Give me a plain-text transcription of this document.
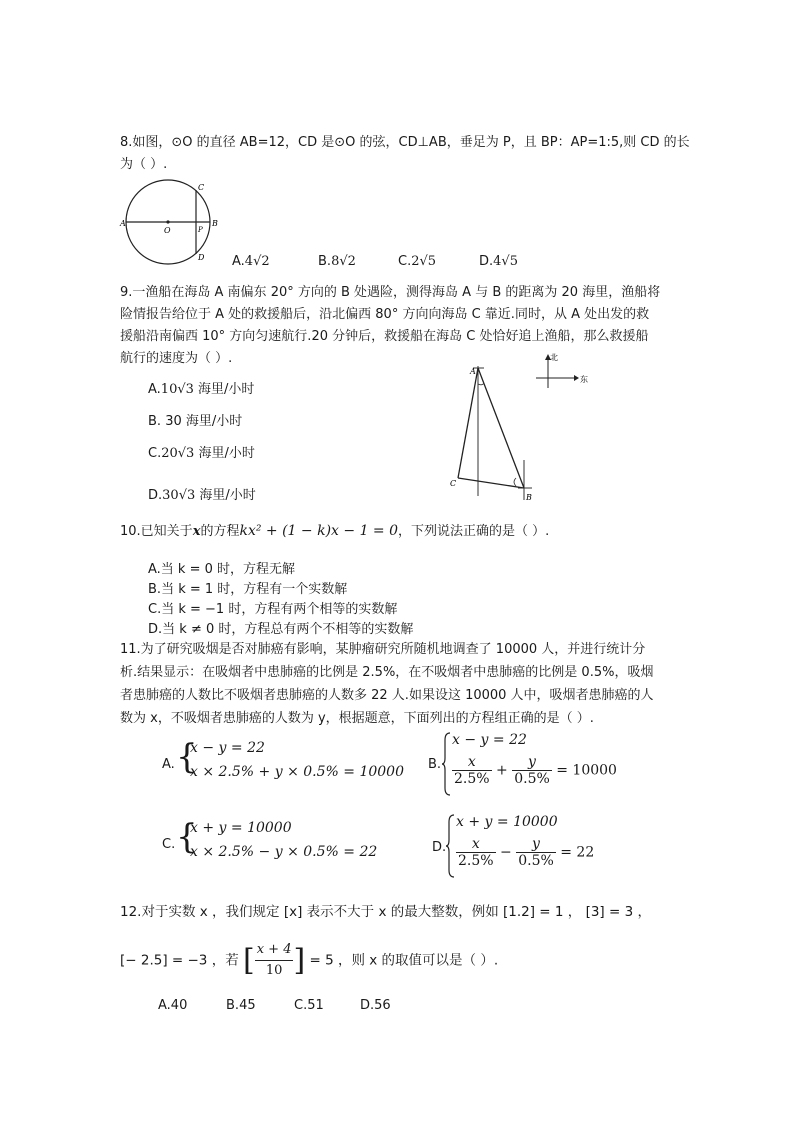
8.如图，⊙O 的直径 AB=12，CD 是⊙O 的弦，CD⊥AB，垂足为 P，且 BP：AP=1:5,则 CD 的长
为（ ）.
A	B
C
D
O	P
A.4√2	B.8√2	C.2√5	D.4√5
9.一渔船在海岛 A 南偏东 20° 方向的 B 处遇险，测得海岛 A 与 B 的距离为 20 海里，渔船将
险情报告给位于 A 处的救援船后，沿北偏西 80° 方向向海岛 C 靠近.同时，从 A 处出发的救
援船沿南偏西 10° 方向匀速航行.20 分钟后，救援船在海岛 C 处恰好追上渔船，那么救援船
航行的速度为（ ）.
A.10√3 海里/小时
B. 30 海里/小时
C.20√3 海里/小时
D.30√3 海里/小时
A
B
C
北
东
10.已知关于x的方程kx² + (1 − k)x − 1 = 0，下列说法正确的是（ ）.
A.当 k = 0 时，方程无解
B.当 k = 1 时，方程有一个实数解
C.当 k = −1 时，方程有两个相等的实数解
D.当 k ≠ 0 时，方程总有两个不相等的实数解
11.为了研究吸烟是否对肺癌有影响，某肿瘤研究所随机地调查了 10000 人，并进行统计分
析.结果显示：在吸烟者中患肺癌的比例是 2.5%，在不吸烟者中患肺癌的比例是 0.5%，吸烟
者患肺癌的人数比不吸烟者患肺癌的人数多 22 人.如果设这 10000 人中，吸烟者患肺癌的人
数为 x，不吸烟者患肺癌的人数为 y，根据题意，下面列出的方程组正确的是（ ）.
A. {
x − y = 22
x × 2.5% + y × 0.5% = 10000 B.
x − y = 22
$\frac{x}{2.5\%} + \frac{y}{0.5\%} = 10000$
C. {
x + y = 10000
x × 2.5% − y × 0.5% = 22	D.
x + y = 10000
$\frac{x}{2.5\%} - \frac{y}{0.5\%} = 22$
12.对于实数 x ，我们规定 [x] 表示不大于 x 的最大整数，例如 [1.2] = 1 ， [3] = 3 ，
[− 2.5] = −3 ，若 [ $\frac{x + 4}{10}$ ] = 5 ，则 x 的取值可以是（ ）.
A.40	B.45	C.51	D.56
